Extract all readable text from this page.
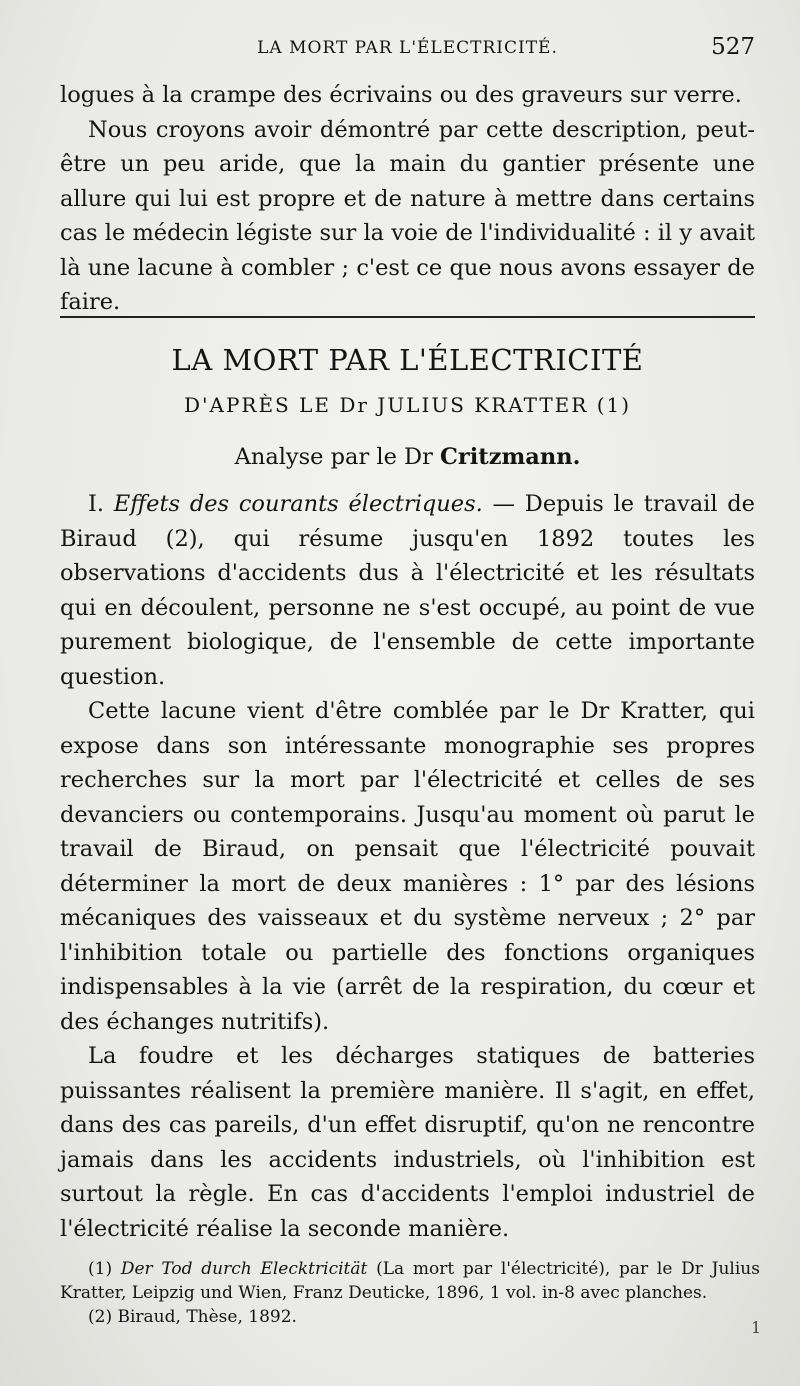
LA MORT PAR L'ÉLECTRICITÉ.	527

logues à la crampe des écrivains ou des graveurs sur verre.

Nous croyons avoir démontré par cette description, peut-être un peu aride, que la main du gantier présente une allure qui lui est propre et de nature à mettre dans certains cas le médecin légiste sur la voie de l'individualité : il y avait là une lacune à combler ; c'est ce que nous avons essayer de faire.

LA MORT PAR L'ÉLECTRICITÉ
D'APRÈS LE Dr JULIUS KRATTER (1)
Analyse par le Dr Critzmann.

I. Effets des courants électriques. — Depuis le travail de Biraud (2), qui résume jusqu'en 1892 toutes les observations d'accidents dus à l'électricité et les résultats qui en découlent, personne ne s'est occupé, au point de vue purement biologique, de l'ensemble de cette importante question.

Cette lacune vient d'être comblée par le Dr Kratter, qui expose dans son intéressante monographie ses propres recherches sur la mort par l'électricité et celles de ses devanciers ou contemporains. Jusqu'au moment où parut le travail de Biraud, on pensait que l'électricité pouvait déterminer la mort de deux manières : 1° par des lésions mécaniques des vaisseaux et du système nerveux ; 2° par l'inhibition totale ou partielle des fonctions organiques indispensables à la vie (arrêt de la respiration, du cœur et des échanges nutritifs).

La foudre et les décharges statiques de batteries puissantes réalisent la première manière. Il s'agit, en effet, dans des cas pareils, d'un effet disruptif, qu'on ne rencontre jamais dans les accidents industriels, où l'inhibition est surtout la règle. En cas d'accidents l'emploi industriel de l'électricité réalise la seconde manière.

(1) Der Tod durch Elecktricität (La mort par l'électricité), par le Dr Julius Kratter, Leipzig und Wien, Franz Deuticke, 1896, 1 vol. in-8 avec planches.

(2) Biraud, Thèse, 1892.

1
